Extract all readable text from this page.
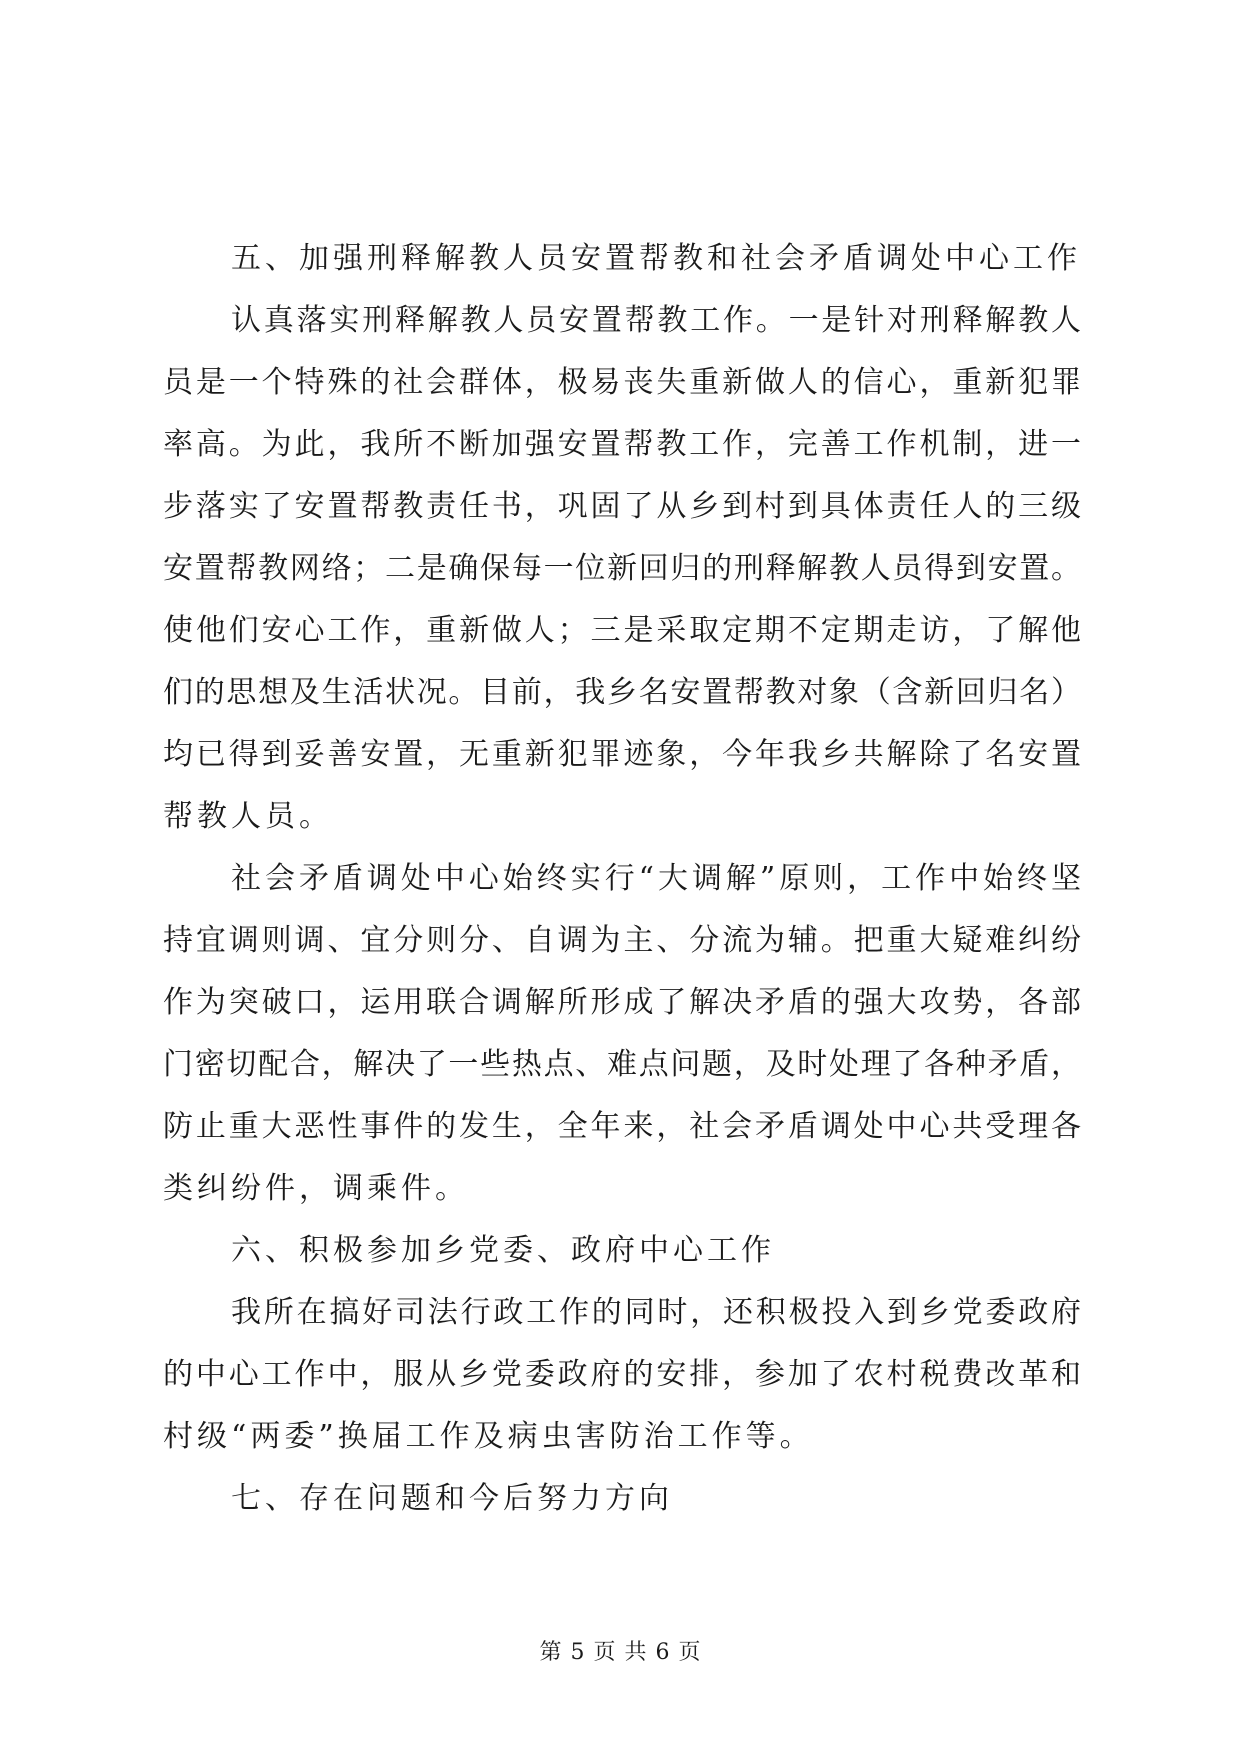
五、加强刑释解教人员安置帮教和社会矛盾调处中心工作
认真落实刑释解教人员安置帮教工作。一是针对刑释解教人
员是一个特殊的社会群体，极易丧失重新做人的信心，重新犯罪
率高。为此，我所不断加强安置帮教工作，完善工作机制，进一
步落实了安置帮教责任书，巩固了从乡到村到具体责任人的三级
安置帮教网络；二是确保每一位新回归的刑释解教人员得到安置。
使他们安心工作，重新做人；三是采取定期不定期走访，了解他
们的思想及生活状况。目前，我乡名安置帮教对象（含新回归名）
均已得到妥善安置，无重新犯罪迹象，今年我乡共解除了名安置
帮教人员。
社会矛盾调处中心始终实行“大调解”原则，工作中始终坚
持宜调则调、宜分则分、自调为主、分流为辅。把重大疑难纠纷
作为突破口，运用联合调解所形成了解决矛盾的强大攻势，各部
门密切配合，解决了一些热点、难点问题，及时处理了各种矛盾，
防止重大恶性事件的发生，全年来，社会矛盾调处中心共受理各
类纠纷件，调乘件。
六、积极参加乡党委、政府中心工作
我所在搞好司法行政工作的同时，还积极投入到乡党委政府
的中心工作中，服从乡党委政府的安排，参加了农村税费改革和
村级“两委”换届工作及病虫害防治工作等。
七、存在问题和今后努力方向
第 5 页 共 6 页
